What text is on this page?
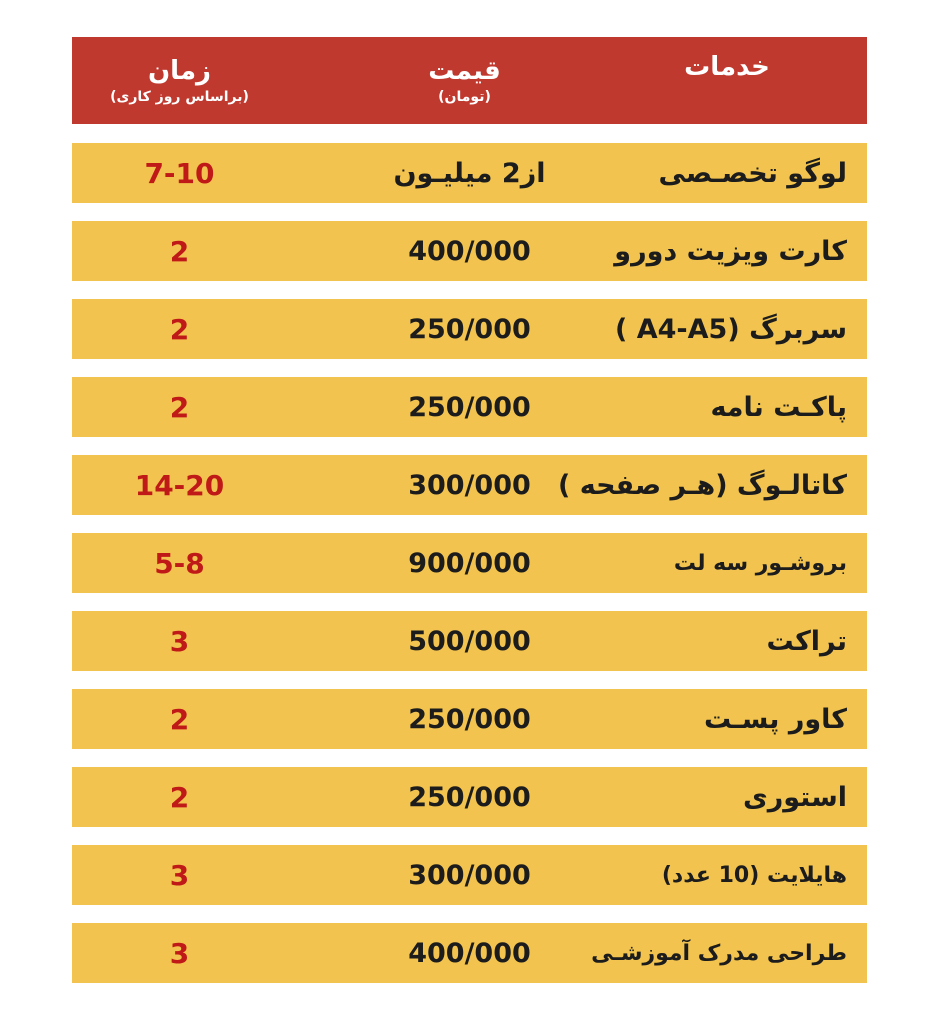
خدمات
قیمت
(تومان)
زمان
(براساس روز کاری)
لوگو تخصـصی
از2 میلیـون
7-10
کارت ویزیت دورو
400/000
2
سربرگ (A4-A5 )
250/000
2
پاکـت نامه
250/000
2
کاتالـوگ (هـر صفحه )
300/000
14-20
بروشـور سه لت
900/000
5-8
تراکت
500/000
3
کاور پسـت
250/000
2
استوری
250/000
2
هایلایت (10 عدد)
300/000
3
طراحی مدرک آموزشـی
400/000
3
